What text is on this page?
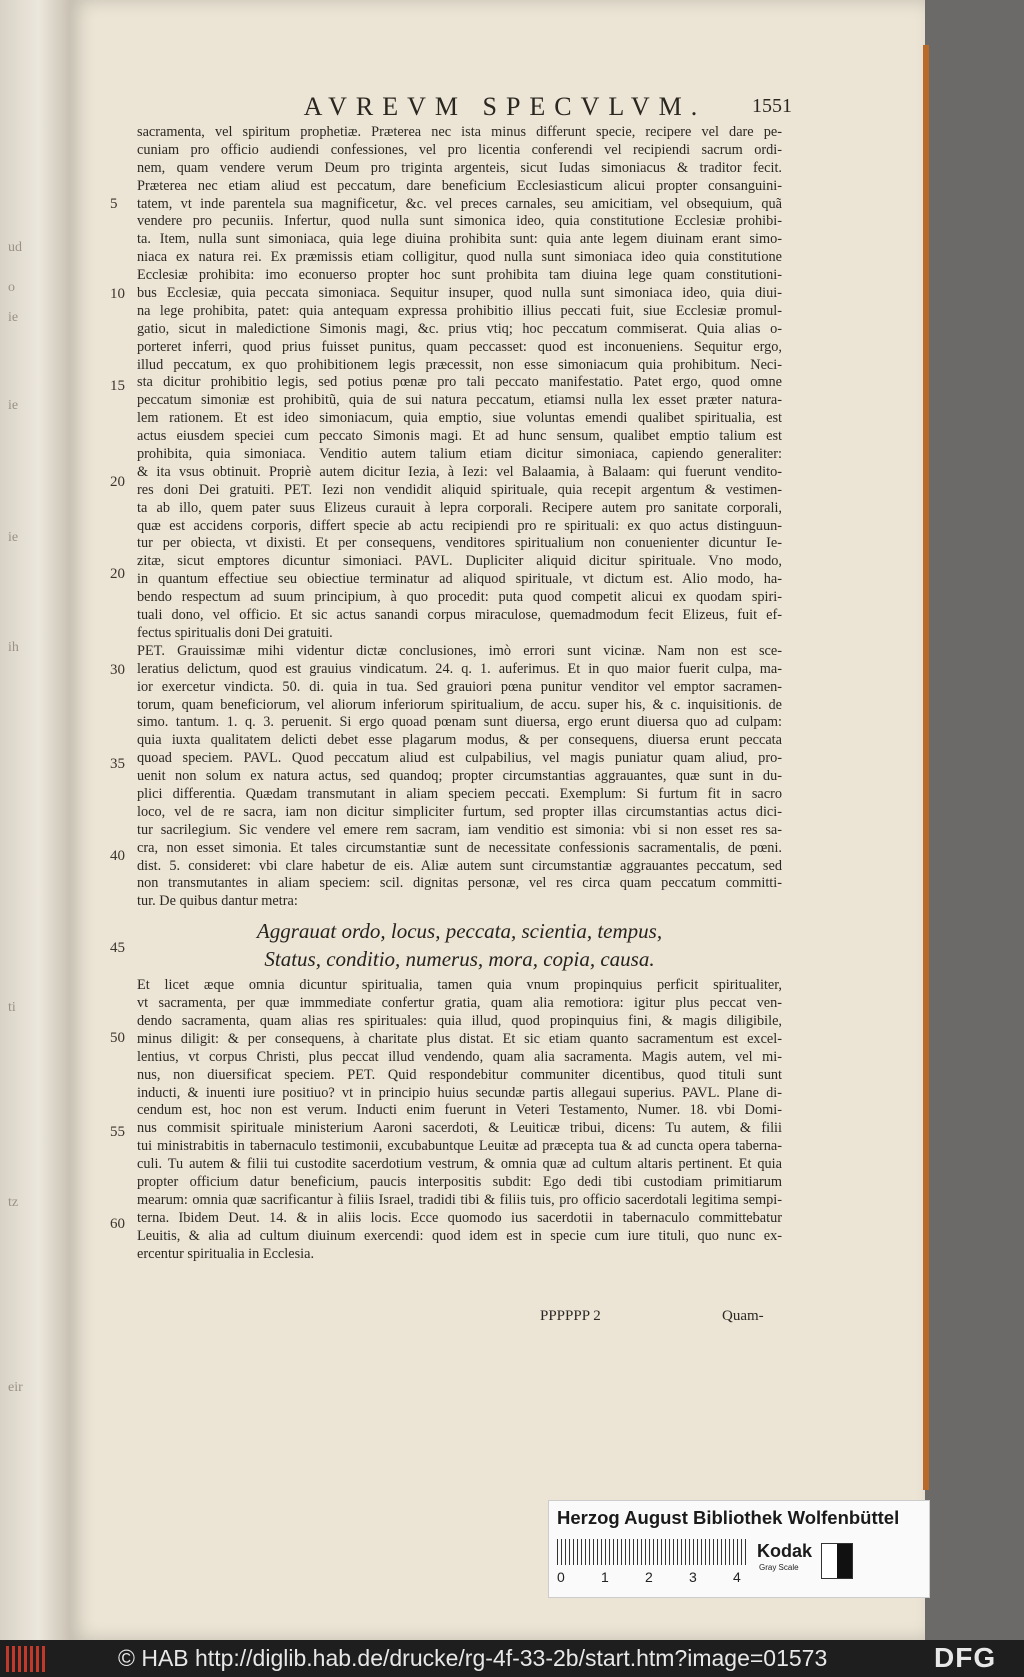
ud
o
ie
ie
ie
ih
ti
tz
eir
AVREVM SPECVLVM.	1551
sacramenta, vel spiritum prophetiæ. Præterea nec ista minus differunt specie, recipere vel dare pe-
cuniam pro officio audiendi confessiones, vel pro licentia conferendi vel recipiendi sacrum ordi-
nem, quam vendere verum Deum pro triginta argenteis, sicut Iudas simoniacus & traditor fecit.
Præterea nec etiam aliud est peccatum, dare beneficium Ecclesiasticum alicui propter consanguini-
tatem, vt inde parentela sua magnificetur, &c. vel preces carnales, seu amicitiam, vel obsequium, quã
vendere pro pecuniis. Infertur, quod nulla sunt simonica ideo, quia constitutione Ecclesiæ prohibi-
ta. Item, nulla sunt simoniaca, quia lege diuina prohibita sunt: quia ante legem diuinam erant simo-
niaca ex natura rei. Ex præmissis etiam colligitur, quod nulla sunt simoniaca ideo quia constitutione
Ecclesiæ prohibita: imo econuerso propter hoc sunt prohibita tam diuina lege quam constitutioni-
bus Ecclesiæ, quia peccata simoniaca. Sequitur insuper, quod nulla sunt simoniaca ideo, quia diui-
na lege prohibita, patet: quia antequam expressa prohibitio illius peccati fuit, siue Ecclesiæ promul-
gatio, sicut in maledictione Simonis magi, &c. prius vtiq; hoc peccatum commiserat. Quia alias o-
porteret inferri, quod prius fuisset punitus, quam peccasset: quod est inconueniens. Sequitur ergo,
illud peccatum, ex quo prohibitionem legis præcessit, non esse simoniacum quia prohibitum. Neci-
sta dicitur prohibitio legis, sed potius pœnæ pro tali peccato manifestatio. Patet ergo, quod omne
peccatum simoniæ est prohibitũ, quia de sui natura peccatum, etiamsi nulla lex esset præter natura-
lem rationem. Et est ideo simoniacum, quia emptio, siue voluntas emendi qualibet spiritualia, est
actus eiusdem speciei cum peccato Simonis magi. Et ad hunc sensum, qualibet emptio talium est
prohibita, quia simoniaca. Venditio autem talium etiam dicitur simoniaca, capiendo generaliter:
& ita vsus obtinuit. Propriè autem dicitur Iezia, à Iezi: vel Balaamia, à Balaam: qui fuerunt vendito-
res doni Dei gratuiti. PET. Iezi non vendidit aliquid spirituale, quia recepit argentum & vestimen-
ta ab illo, quem pater suus Elizeus curauit à lepra corporali. Recipere autem pro sanitate corporali,
quæ est accidens corporis, differt specie ab actu recipiendi pro re spirituali: ex quo actus distinguun-
tur per obiecta, vt dixisti. Et per consequens, venditores spiritualium non conuenienter dicuntur Ie-
zitæ, sicut emptores dicuntur simoniaci. PAVL. Dupliciter aliquid dicitur spirituale. Vno modo,
in quantum effectiue seu obiectiue terminatur ad aliquod spirituale, vt dictum est. Alio modo, ha-
bendo respectum ad suum principium, à quo procedit: puta quod competit alicui ex quodam spiri-
tuali dono, vel officio. Et sic actus sanandi corpus miraculose, quemadmodum fecit Elizeus, fuit ef-
fectus spiritualis doni Dei gratuiti.
PET. Grauissimæ mihi videntur dictæ conclusiones, imò errori sunt vicinæ. Nam non est sce-
leratius delictum, quod est grauius vindicatum. 24. q. 1. auferimus. Et in quo maior fuerit culpa, ma-
ior exercetur vindicta. 50. di. quia in tua. Sed grauiori pœna punitur venditor vel emptor sacramen-
torum, quam beneficiorum, vel aliorum inferiorum spiritualium, de accu. super his, & c. inquisitionis. de
simo. tantum. 1. q. 3. peruenit. Si ergo quoad pœnam sunt diuersa, ergo erunt diuersa quo ad culpam:
quia iuxta qualitatem delicti debet esse plagarum modus, & per consequens, diuersa erunt peccata
quoad speciem. PAVL. Quod peccatum aliud est culpabilius, vel magis puniatur quam aliud, pro-
uenit non solum ex natura actus, sed quandoq; propter circumstantias aggrauantes, quæ sunt in du-
plici differentia. Quædam transmutant in aliam speciem peccati. Exemplum: Si furtum fit in sacro
loco, vel de re sacra, iam non dicitur simpliciter furtum, sed propter illas circumstantias actus dici-
tur sacrilegium. Sic vendere vel emere rem sacram, iam venditio est simonia: vbi si non esset res sa-
cra, non esset simonia. Et tales circumstantiæ sunt de necessitate confessionis sacramentalis, de pœni.
dist. 5. consideret: vbi clare habetur de eis. Aliæ autem sunt circumstantiæ aggrauantes peccatum, sed
non transmutantes in aliam speciem: scil. dignitas personæ, vel res circa quam peccatum committi-
tur. De quibus dantur metra:
Aggrauat ordo, locus, peccata, scientia, tempus,
Status, conditio, numerus, mora, copia, causa.
Et licet æque omnia dicuntur spiritualia, tamen quia vnum propinquius perficit spiritualiter,
vt sacramenta, per quæ immmediate confertur gratia, quam alia remotiora: igitur plus peccat ven-
dendo sacramenta, quam alias res spirituales: quia illud, quod propinquius fini, & magis diligibile,
minus diligit: & per consequens, à charitate plus distat. Et sic etiam quanto sacramentum est excel-
lentius, vt corpus Christi, plus peccat illud vendendo, quam alia sacramenta. Magis autem, vel mi-
nus, non diuersificat speciem. PET. Quid respondebitur communiter dicentibus, quod tituli sunt
inducti, & inuenti iure positiuo? vt in principio huius secundæ partis allegaui superius. PAVL. Plane di-
cendum est, hoc non est verum. Inducti enim fuerunt in Veteri Testamento, Numer. 18. vbi Domi-
nus commisit spirituale ministerium Aaroni sacerdoti, & Leuiticæ tribui, dicens: Tu autem, & filii
tui ministrabitis in tabernaculo testimonii, excubabuntque Leuitæ ad præcepta tua & ad cuncta opera taberna-
culi. Tu autem & filii tui custodite sacerdotium vestrum, & omnia quæ ad cultum altaris pertinent. Et quia
propter officium datur beneficium, paucis interpositis subdit: Ego dedi tibi custodiam primitiarum
mearum: omnia quæ sacrificantur à filiis Israel, tradidi tibi & filiis tuis, pro officio sacerdotali legitima sempi-
terna. Ibidem Deut. 14. & in aliis locis. Ecce quomodo ius sacerdotii in tabernaculo committebatur
Leuitis, & alia ad cultum diuinum exercendi: quod idem est in specie cum iure tituli, quo nunc ex-
ercentur spiritualia in Ecclesia.
5
10
15
20
20
30
35
40
45
50
55
60
PPPPPP 2	Quam-
Herzog August Bibliothek Wolfenbüttel
0	1	2	3	4
Kodak
Gray Scale
© HAB http://diglib.hab.de/drucke/rg-4f-33-2b/start.htm?image=01573	DFG
